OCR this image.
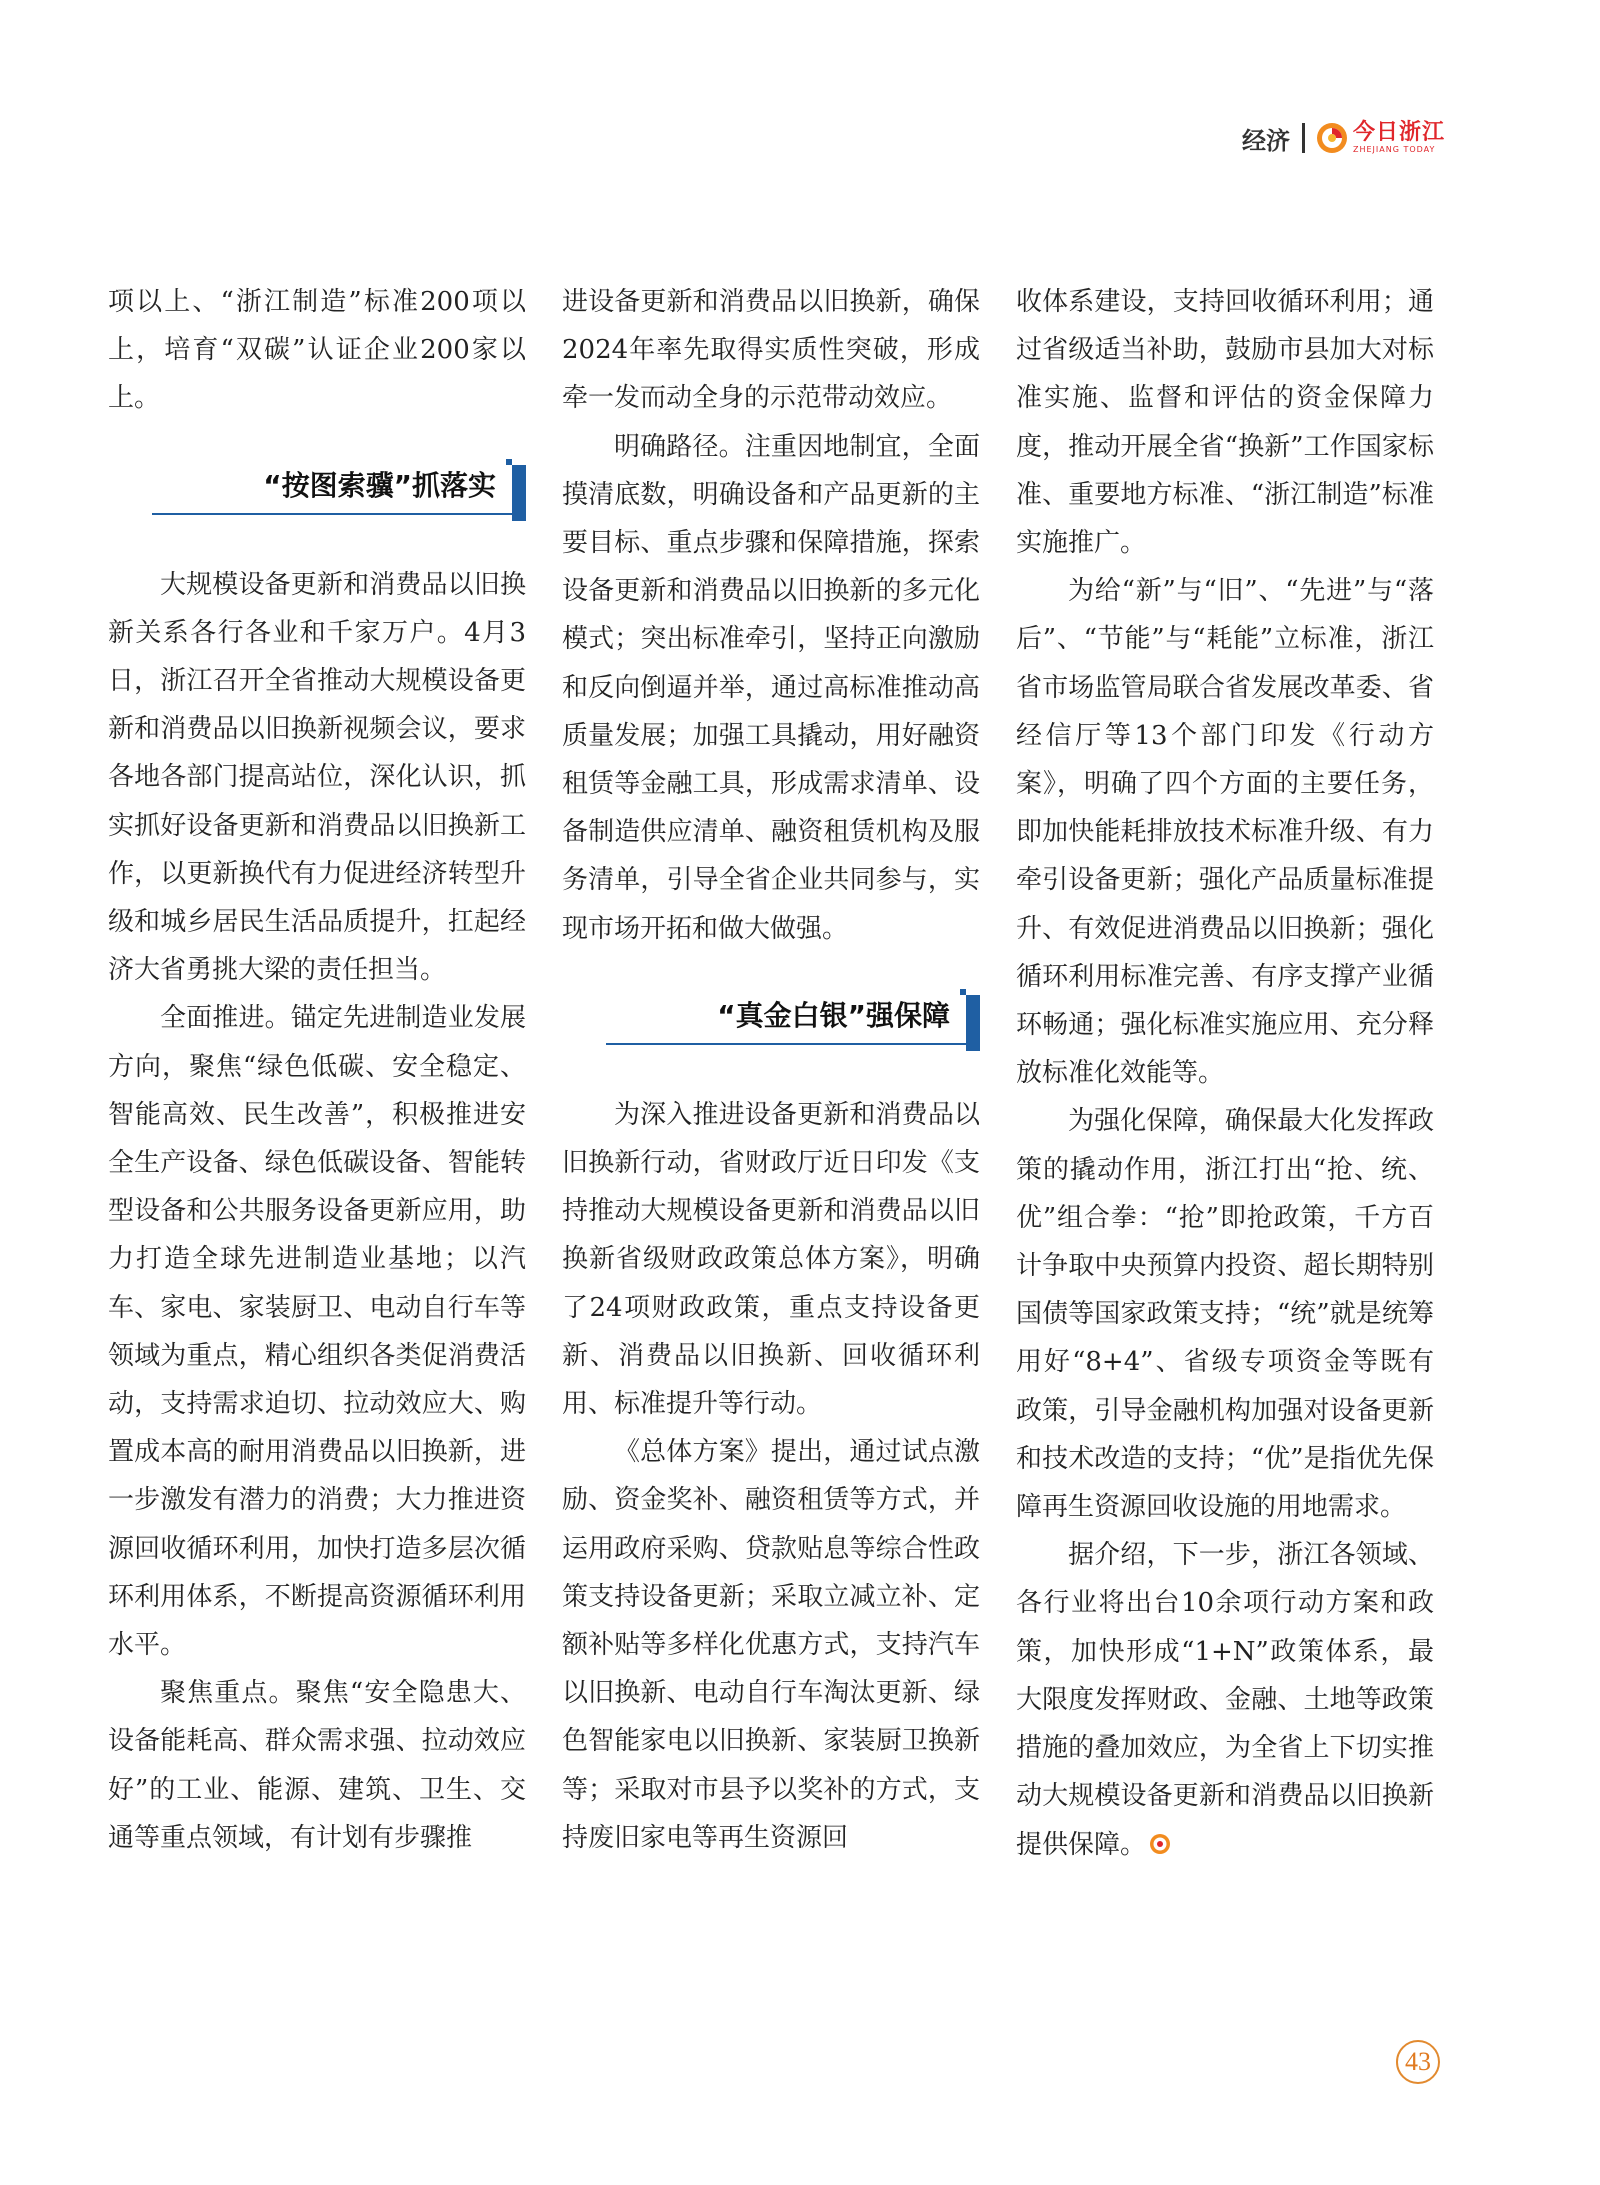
经济	今日浙江
ZHEJIANG TODAY

项以上、“浙江制造”标准200项以上，培育“双碳”认证企业200家以上。

“按图索骥”抓落实

大规模设备更新和消费品以旧换新关系各行各业和千家万户。4月3日，浙江召开全省推动大规模设备更新和消费品以旧换新视频会议，要求各地各部门提高站位，深化认识，抓实抓好设备更新和消费品以旧换新工作，以更新换代有力促进经济转型升级和城乡居民生活品质提升，扛起经济大省勇挑大梁的责任担当。

全面推进。锚定先进制造业发展方向，聚焦“绿色低碳、安全稳定、智能高效、民生改善”，积极推进安全生产设备、绿色低碳设备、智能转型设备和公共服务设备更新应用，助力打造全球先进制造业基地；以汽车、家电、家装厨卫、电动自行车等领域为重点，精心组织各类促消费活动，支持需求迫切、拉动效应大、购置成本高的耐用消费品以旧换新，进一步激发有潜力的消费；大力推进资源回收循环利用，加快打造多层次循环利用体系，不断提高资源循环利用水平。

聚焦重点。聚焦“安全隐患大、设备能耗高、群众需求强、拉动效应好”的工业、能源、建筑、卫生、交通等重点领域，有计划有步骤推

进设备更新和消费品以旧换新，确保2024年率先取得实质性突破，形成牵一发而动全身的示范带动效应。

明确路径。注重因地制宜，全面摸清底数，明确设备和产品更新的主要目标、重点步骤和保障措施，探索设备更新和消费品以旧换新的多元化模式；突出标准牵引，坚持正向激励和反向倒逼并举，通过高标准推动高质量发展；加强工具撬动，用好融资租赁等金融工具，形成需求清单、设备制造供应清单、融资租赁机构及服务清单，引导全省企业共同参与，实现市场开拓和做大做强。

“真金白银”强保障

为深入推进设备更新和消费品以旧换新行动，省财政厅近日印发《支持推动大规模设备更新和消费品以旧换新省级财政政策总体方案》，明确了24项财政政策，重点支持设备更新、消费品以旧换新、回收循环利用、标准提升等行动。

《总体方案》提出，通过试点激励、资金奖补、融资租赁等方式，并运用政府采购、贷款贴息等综合性政策支持设备更新；采取立减立补、定额补贴等多样化优惠方式，支持汽车以旧换新、电动自行车淘汰更新、绿色智能家电以旧换新、家装厨卫换新等；采取对市县予以奖补的方式，支持废旧家电等再生资源回

收体系建设，支持回收循环利用；通过省级适当补助，鼓励市县加大对标准实施、监督和评估的资金保障力度，推动开展全省“换新”工作国家标准、重要地方标准、“浙江制造”标准实施推广。

为给“新”与“旧”、“先进”与“落后”、“节能”与“耗能”立标准，浙江省市场监管局联合省发展改革委、省经信厅等13个部门印发《行动方案》，明确了四个方面的主要任务，即加快能耗排放技术标准升级、有力牵引设备更新；强化产品质量标准提升、有效促进消费品以旧换新；强化循环利用标准完善、有序支撑产业循环畅通；强化标准实施应用、充分释放标准化效能等。

为强化保障，确保最大化发挥政策的撬动作用，浙江打出“抢、统、优”组合拳：“抢”即抢政策，千方百计争取中央预算内投资、超长期特别国债等国家政策支持；“统”就是统筹用好“8+4”、省级专项资金等既有政策，引导金融机构加强对设备更新和技术改造的支持；“优”是指优先保障再生资源回收设施的用地需求。

据介绍，下一步，浙江各领域、各行业将出台10余项行动方案和政策，加快形成“1+N”政策体系，最大限度发挥财政、金融、土地等政策措施的叠加效应，为全省上下切实推动大规模设备更新和消费品以旧换新提供保障。

43
